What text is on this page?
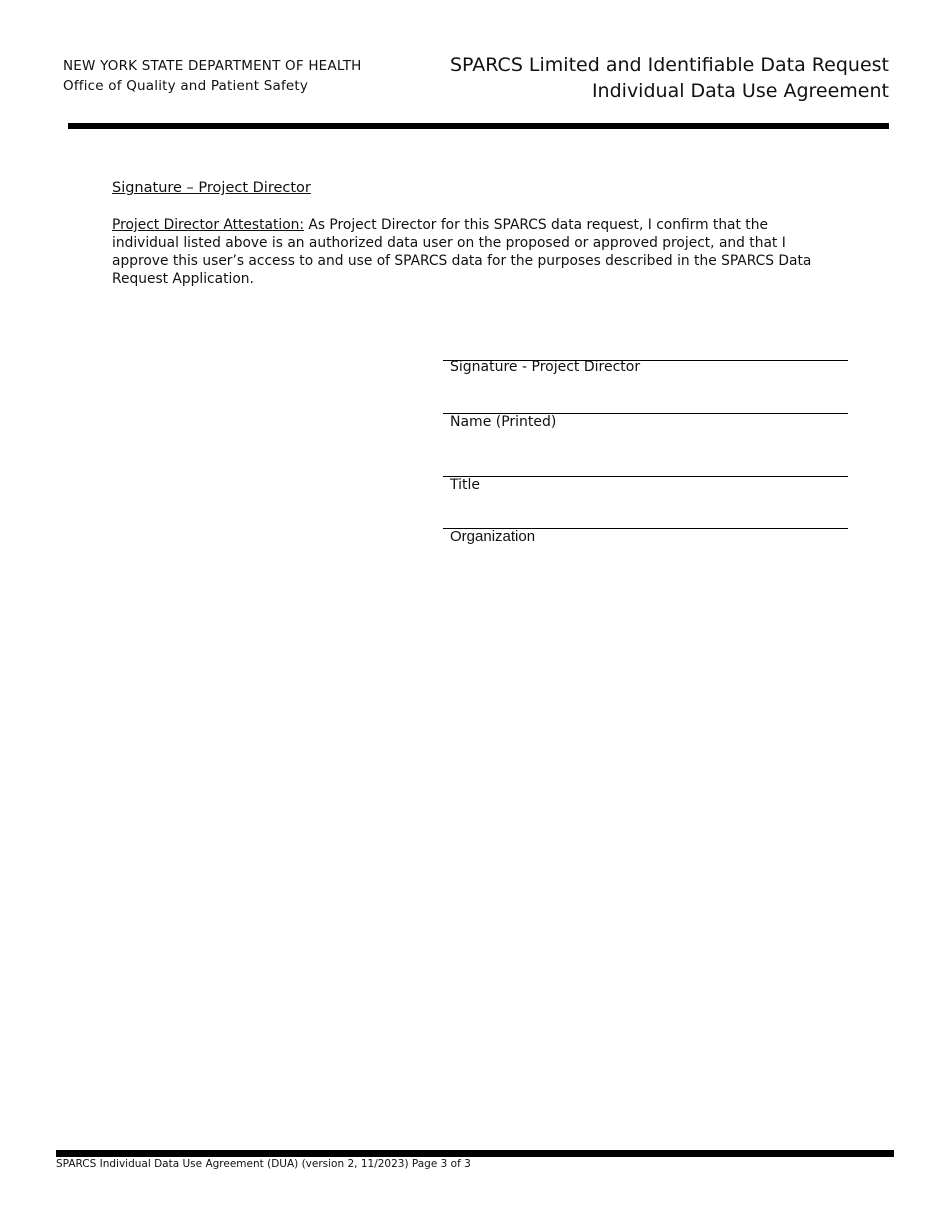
NEW YORK STATE DEPARTMENT OF HEALTH
Office of Quality and Patient Safety
SPARCS Limited and Identifiable Data Request
Individual Data Use Agreement
Signature – Project Director
Project Director Attestation: As Project Director for this SPARCS data request, I confirm that the individual listed above is an authorized data user on the proposed or approved project, and that I approve this user’s access to and use of SPARCS data for the purposes described in the SPARCS Data Request Application.
Signature - Project Director
Name (Printed)
Title
Organization
SPARCS Individual Data Use Agreement (DUA) (version 2, 11/2023) Page 3 of 3
